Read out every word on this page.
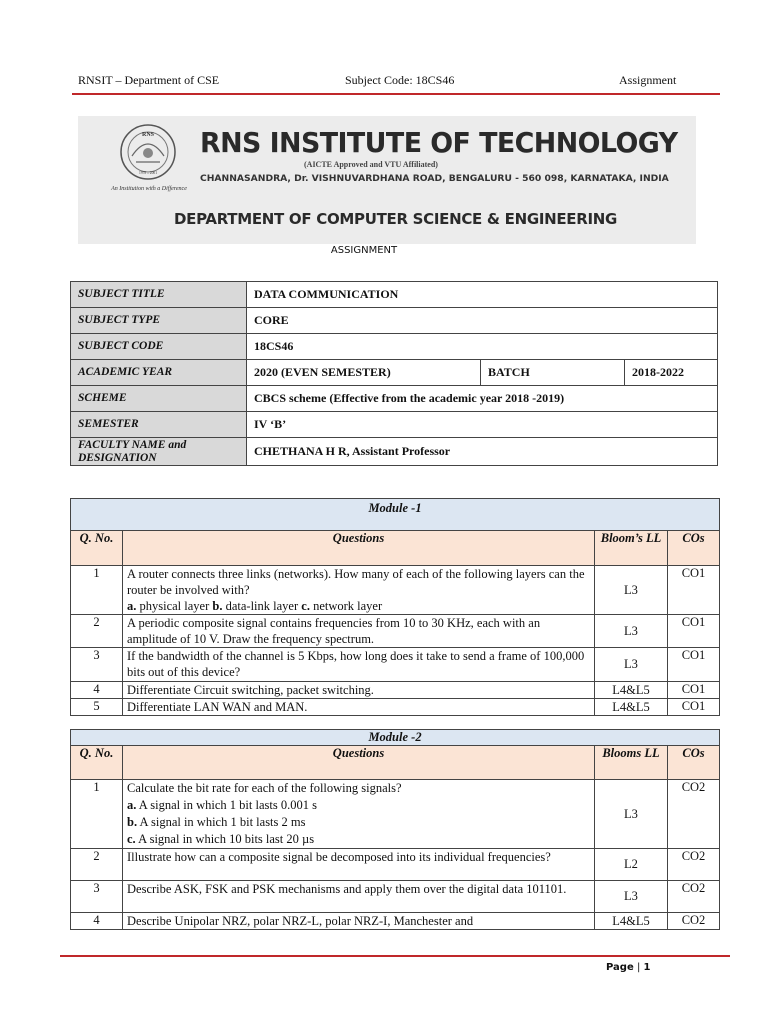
RNSIT – Department of CSE	Subject Code: 18CS46	Assignment
RNS
1978 – 2001
An Institution with a Difference
RNS INSTITUTE OF TECHNOLOGY
(AICTE Approved and VTU Affiliated)
CHANNASANDRA, Dr. VISHNUVARDHANA ROAD, BENGALURU - 560 098, KARNATAKA, INDIA
DEPARTMENT OF COMPUTER SCIENCE & ENGINEERING
ASSIGNMENT
SUBJECT TITLE	DATA COMMUNICATION		
SUBJECT TYPE	CORE		
SUBJECT CODE	18CS46		
ACADEMIC YEAR	2020 (EVEN SEMESTER)	BATCH	2018-2022
SCHEME	CBCS scheme (Effective from the academic year 2018 -2019)		
SEMESTER	IV ‘B’		
FACULTY NAME and DESIGNATION	CHETHANA H R, Assistant Professor		
Module -1			
Q. No.	Questions	Bloom’s LL	COs
1	A router connects three links (networks). How many of each of the following layers can the router be involved with?
a. physical layer b. data-link layer c. network layer	L3	CO1
2	A periodic composite signal contains frequencies from 10 to 30 KHz, each with an amplitude of 10 V. Draw the frequency spectrum.	L3	CO1
3	If the bandwidth of the channel is 5 Kbps, how long does it take to send a frame of 100,000 bits out of this device?	L3	CO1
4	Differentiate Circuit switching, packet switching.	L4&L5	CO1
5	Differentiate LAN WAN and MAN.	L4&L5	CO1
Module -2			
Q. No.	Questions	Blooms LL	COs
1	Calculate the bit rate for each of the following signals?
a. A signal in which 1 bit lasts 0.001 s
b. A signal in which 1 bit lasts 2 ms
c. A signal in which 10 bits last 20 µs	L3	CO2
2	Illustrate how can a composite signal be decomposed into its individual frequencies?	L2	CO2
3	Describe ASK, FSK and PSK mechanisms and apply them over the digital data 101101.	L3	CO2
4	Describe Unipolar NRZ, polar NRZ-L, polar NRZ-I, Manchester and	L4&L5	CO2
Page | 1
